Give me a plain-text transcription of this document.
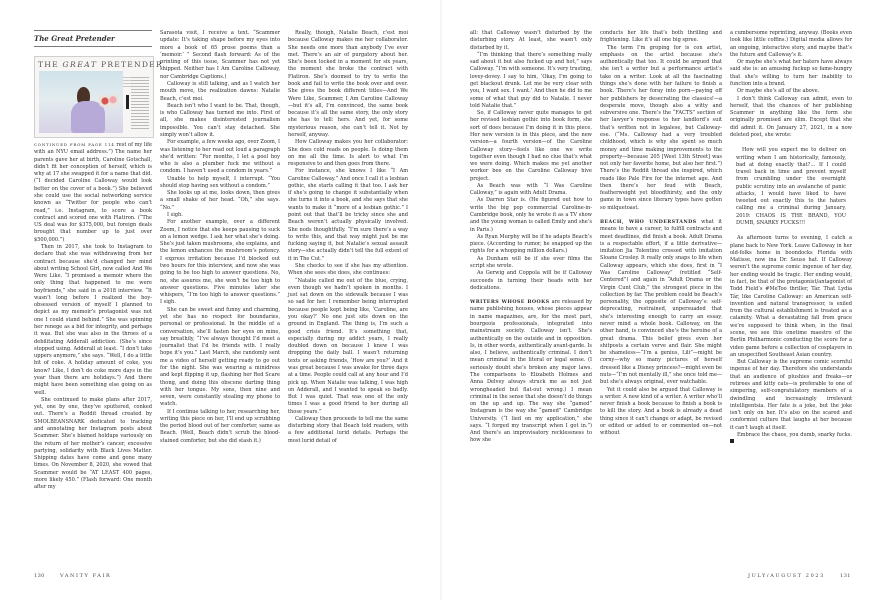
The Great Pretender
THE GREAT PRETENDER

CONTINUED FROM PAGE 114 rest of my life with an NYU email address.”) The name her parents gave her at birth, Caroline Gotschall, didn’t fit her conception of herself, which is why at 17 she swapped it for a name that did. (“I decided Caroline Calloway would look better on the cover of a book.”) She believed she could use the social networking service known as “Twitter for people who can’t read,” i.e. Instagram, to score a book contract and scored one with Flatiron. (“The US deal was for $375,000, but foreign deals brought that number up to just over $500,000.”)

Then in 2017, she took to Instagram to declare that she was withdrawing from her contract because she’d changed her mind about writing School Girl, now called And We Were Like. “I promised a memoir where the only thing that happened to me were boyfriends,” she said in a 2018 interview. “It wasn’t long before I realized the boy-obsessed version of myself I planned to depict as my memoir’s protagonist was not one I could stand behind.” She was spinning her renege as a bid for integrity, and perhaps it was. But she was also in the throes of a debilitating Adderall addiction. (She’s since stopped using. Adderall at least. “I don’t take uppers anymore,” she says. “Well, I do a little bit of coke. A holiday amount of coke, you know? Like, I don’t do coke more days in the year than there are holidays.”) And there might have been something else going on as well.

She continued to make plans after 2017, yet, one by one, they’ve sputtered, conked out. There’s a Reddit thread created by SMOLBEANSNARK dedicated to tracking and annotating her Instagram posts about Scammer. She’s blamed holdups variously on the return of her mother’s cancer, excessive partying, solidarity with Black Lives Matter. Shipping dates have come and gone many times. On November 8, 2020, she vowed that Scammer would be “AT LEAST 400 pages, more likely 450.” (Flash forward: One month after my

Sarasota visit, I receive a text. “Scammer update: It’s taking shape before my eyes into more a book of 65 prose poems than a ‘memoir.’ ” Second flash forward: As of the printing of this issue, Scammer has not yet shipped. Neither has I Am Caroline Calloway, nor Cambridge Captions.)

Calloway is still talking, and as I watch her mouth move, the realization dawns: Natalie Beach, c’est moi.

Beach isn’t who I want to be. That, though, is who Calloway has turned me into. First of all, she makes disinterested journalism impossible. You can’t stay detached. She simply won’t allow it.

For example, a few weeks ago, over Zoom, I was listening to her read out loud a paragraph she’d written: “For months, I let a pool boy who is also a plumber fuck me without a condom. I haven’t used a condom in years.”

Unable to help myself, I interrupt. “You should stop having sex without a condom.”

She looks up at me, looks down, then gives a small shake of her head. “Oh,” she says. “No.”

I sigh.

For another example, over a different Zoom, I notice that she keeps pausing to suck on a lemon wedge. I ask her what she’s doing. She’s just taken mushrooms, she explains, and the lemon enhances the mushroom’s potency. I express irritation because I’d blocked out two hours for this interview, and now she was going to be too high to answer questions. No, no, she assures me, she won’t be too high to answer questions. Five minutes later she whispers, “I’m too high to answer questions.” I sigh.

She can be sweet and funny and charming, yet she has no respect for boundaries, personal or professional. In the middle of a conversation, she’ll fasten her eyes on mine, say breathily, “I’ve always thought I’d meet a journalist that I’d be friends with. I really hope it’s you.” Last March, she randomly sent me a video of herself getting ready to go out for the night. She was wearing a minidress and kept flipping it up, flashing her Red Scare thong, and doing this obscene darting thing with her tongue. My sons, then nine and seven, were constantly stealing my phone to watch.

If I continue talking to her, researching her, writing this piece on her, I’ll end up scrubbing the period blood out of her comforter, same as Beach. (Well, Beach didn’t scrub the blood-stained comforter, but she did stash it.)

Really, though, Natalie Beach, c’est moi because Calloway makes me her collaborator. She needs one more than anybody I’ve ever met. There’s an air of purgatory about her. She’s been locked in a moment for six years, the moment she broke the contract with Flatiron. She’s doomed to try to write the book and fail to write the book over and over. She gives the book different titles—And We Were Like, Scammer, I Am Caroline Calloway—but it’s all, I’m convinced, the same book because it’s all the same story, the only story she has to tell: hers. And yet, for some mysterious reason, she can’t tell it. Not by herself, anyway.

How Calloway makes you her collaborator: She does cold reads on people. Is doing them on me all the time. Is alert to what I’m responsive to and then goes from there.

For instance, she knows I like “I Am Caroline Calloway.” And once I call it a lesbian gothic, she starts calling it that too. I ask her if she’s going to change it substantially when she turns it into a book, and she says that she wants to make it “more of a lesbian gothic.” I point out that that’ll be tricky since she and Beach weren’t actually physically involved. She nods thoughtfully. “I’m sure there’s a way to write this, and that way might just be me fucking saying it, but Natalie’s sexual assault story—she actually didn’t tell the full extent of it in The Cut.”

She checks to see if she has my attention. When she sees she does, she continues:

“Natalie called me out of the blue, crying, even though we hadn’t spoken in months. I just sat down on the sidewalk because I was so sad for her. I remember being interrupted because people kept being like, ‘Caroline, are you okay?’ No one just sits down on the ground in England. The thing is, I’m such a good crisis friend. It’s something that, especially during my addict years, I really doubled down on because I knew I was dropping the daily ball. I wasn’t returning texts or asking friends, ‘How are you?’ And it was great because I was awake for three days at a time. People could call at any hour and I’d pick up. When Natalie was talking, I was high on Adderall, and I wanted to speak so badly. But I was quiet. That was one of the only times I was a good friend to her during all those years.”

Calloway then proceeds to tell me the same disturbing story that Beach told readers, with a few additional lurid details. Perhaps the most lurid detail of

130	VANITY FAIR

all: that Calloway wasn’t disturbed by the disturbing story. At least, she wasn’t only disturbed by it.

“I’m thinking that there’s something really sad about it but also fucked up and hot,” says Calloway. “I’m with someone. It’s very trusting, lovey-dovey. I say to him, ‘Okay, I’m going to get blackout drunk. Let me be very clear with you, I want sex. I want.’ And then he did to me some of what that guy did to Natalie. I never told Natalie that.”

So, if Calloway never quite manages to get her revised lesbian gothic into book form, she sort of does because I’m doing it in this piece. Her new version is in this piece, and the new version—a fourth version—of the Caroline Calloway story—feels like one we write together even though I had no clue that’s what we were doing. Which makes me yet another worker bee on the Caroline Calloway hive project.

As Beach was with “I Was Caroline Calloway,” is again with Adult Drama.

As Darren Star is. (He figured out how to write the big pop commercial Caroline-in-Cambridge book, only he wrote it as a TV show and the young woman is called Emily and she’s in Paris.)

As Ryan Murphy will be if he adapts Beach’s piece. (According to rumor, he snapped up the rights for a whopping million dollars.)

As Dunham will be if she ever films the script she wrote.

As Gerwig and Coppola will be if Calloway succeeds in turning their heads with her dedications.

WRITERS WHOSE BOOKS are released by name publishing houses, whose pieces appear in name magazines, are, for the most part, bourgeois professionals, integrated into mainstream society. Calloway isn’t. She’s authentically on the outside and in opposition. Is, in other words, authentically avant-garde. Is also, I believe, authentically criminal. I don’t mean criminal in the literal or legal sense. (I seriously doubt she’s broken any major laws. The comparisons to Elizabeth Holmes and Anna Delvey always struck me as not just wrongheaded but flat-out wrong.) I mean criminal in the sense that she doesn’t do things on the up and up. The way she “gamed” Instagram is the way she “gamed” Cambridge University. (“I lied on my application,” she says. “I forged my transcript when I got in.”) And there’s an improvisatory recklessness to how she

conducts her life that’s both thrilling and frightening. Like it’s all one big spree.

The term I’m groping for is con artist, emphasis on the artist because she’s authentically that too. It could be argued that she isn’t a writer but a performance artist’s take on a writer. Look at all the fascinating things she’s done with her failure to finish a book. There’s her foray into porn—paying off her publishers by desecrating the classics!—a desperate move, though also a witty and subversive one. There’s the “FACTS” section of her lawyer’s response to her landlord’s suit that’s written not in legalese, but Calloway-ese. (“Ms. Calloway had a very troubled childhood, which is why she spent so much money and time making improvements to the property—because 205 [West 13th Street] was not only her favorite home, but also her first.”) There’s the Reddit thread she inspired, which reads like Pale Fire for the internet age. And then there’s her feud with Beach, featherweight yet bloodthirsty, and the only game in town since literary types have gotten so milquetoast.

BEACH, WHO UNDERSTANDS what it means to have a career, to fulfill contracts and meet deadlines, did finish a book. Adult Drama is a respectable effort, if a little derivative—imitation Jia Tolentino crossed with imitation Sloane Crosley. It really only snaps to life when Calloway appears, which she does, first in “I Was Caroline Calloway” (retitled “Self-Centered”) and again in “Adult Drama or the Virgin Cunt Club,” the strongest piece in the collection by far. The problem could be Beach’s personality, the opposite of Calloway’s: self-deprecating, restrained, unpersuaded that she’s interesting enough to carry an essay, never mind a whole book. Calloway, on the other hand, is convinced she’s the heroine of a great drama. This belief gives even her shitposts a certain verve and flair. She might be shameless—“I’m a genius, Lili”—might be corny—why so many pictures of herself dressed like a Disney princess?—might even be nuts—“I’m not mentally ill,” she once told me—but she’s always original, ever watchable.

Yet it could also be argued that Calloway is a writer. A new kind of a writer. A writer who’ll never finish a book because to finish a book is to kill the story. And a book is already a dead thing since it can’t change or adapt, be revised or edited or added to or commented on—not without

a cumbersome reprinting, anyway. (Books even look like little coffins.) Digital media allows for an ongoing, interactive story, and maybe that’s the future and Calloway’s it.

Or maybe she’s what her haters have always said she is: an amusing fuckup so fame-hungry that she’s willing to turn her inability to function into a brand.

Or maybe she’s all of the above.

I don’t think Calloway can admit, even to herself, that the chances of her publishing Scammer in anything like the form she originally promised are slim. Except that she did admit it. On January 27, 2021, in a now deleted post, she wrote:

How will you expect me to deliver on writing when I am historically, famously, bad at doing exactly that?… If I could travel back in time and prevent myself from crumbling under the overnight public scrutiny into an avalanche of panic attacks, I would have liked to have tweeted out exactly this to the haters calling me a criminal during January, 2019: CHAOS IS THE BRAND, YOU DUMB, SNARKY FUCKS!!!

As afternoon turns to evening, I catch a plane back to New York. Leave Calloway in her old-folks home in boondocks Florida with Matisse, now ina Dr. Seuss hat. If Calloway weren’t the supreme comic ingenue of her day, her ending would be tragic. Her ending would, in fact, be that of the protagonist/antagonist of Todd Field’s #MeToo thriller, Tár. That Lydia Tár, like Caroline Calloway: an American self-invention and natural transgressor, is exiled from the cultural establishment is treated as a calamity. What a devastating fall from grace we’re supposed to think when, in the final scene, we see this onetime maestro of the Berlin Philharmonic conducting the score for a video game before a collection of cosplayers in an unspecified Southeast Asian country.

But Calloway is the supreme comic scornful ingenue of her day. Therefore she understands that an audience of plushies and freaks—or retirees and kitty cats—is preferable to one of simpering, self-congratulatory members of a dwindling and increasingly irrelevant intelligentsia. Her fate is a joke, but the joke isn’t only on her. It’s also on the scared and conformist culture that laughs at her because it can’t laugh at itself.

Embrace the chaos, you dumb, snarky fucks.

JULY/AUGUST 2023	131
